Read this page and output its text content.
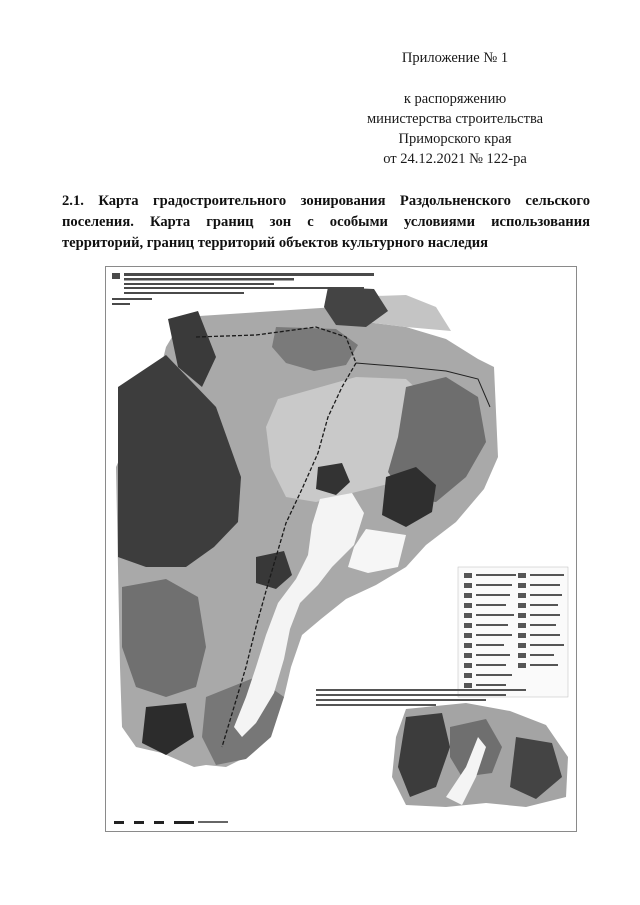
Приложение № 1
к распоряжению
министерства строительства
Приморского края
от 24.12.2021 № 122-ра
2.1. Карта градостроительного зонирования Раздольненского сельского
поселения. Карта границ зон с особыми условиями использования
территорий, границ территорий объектов культурного наследия
